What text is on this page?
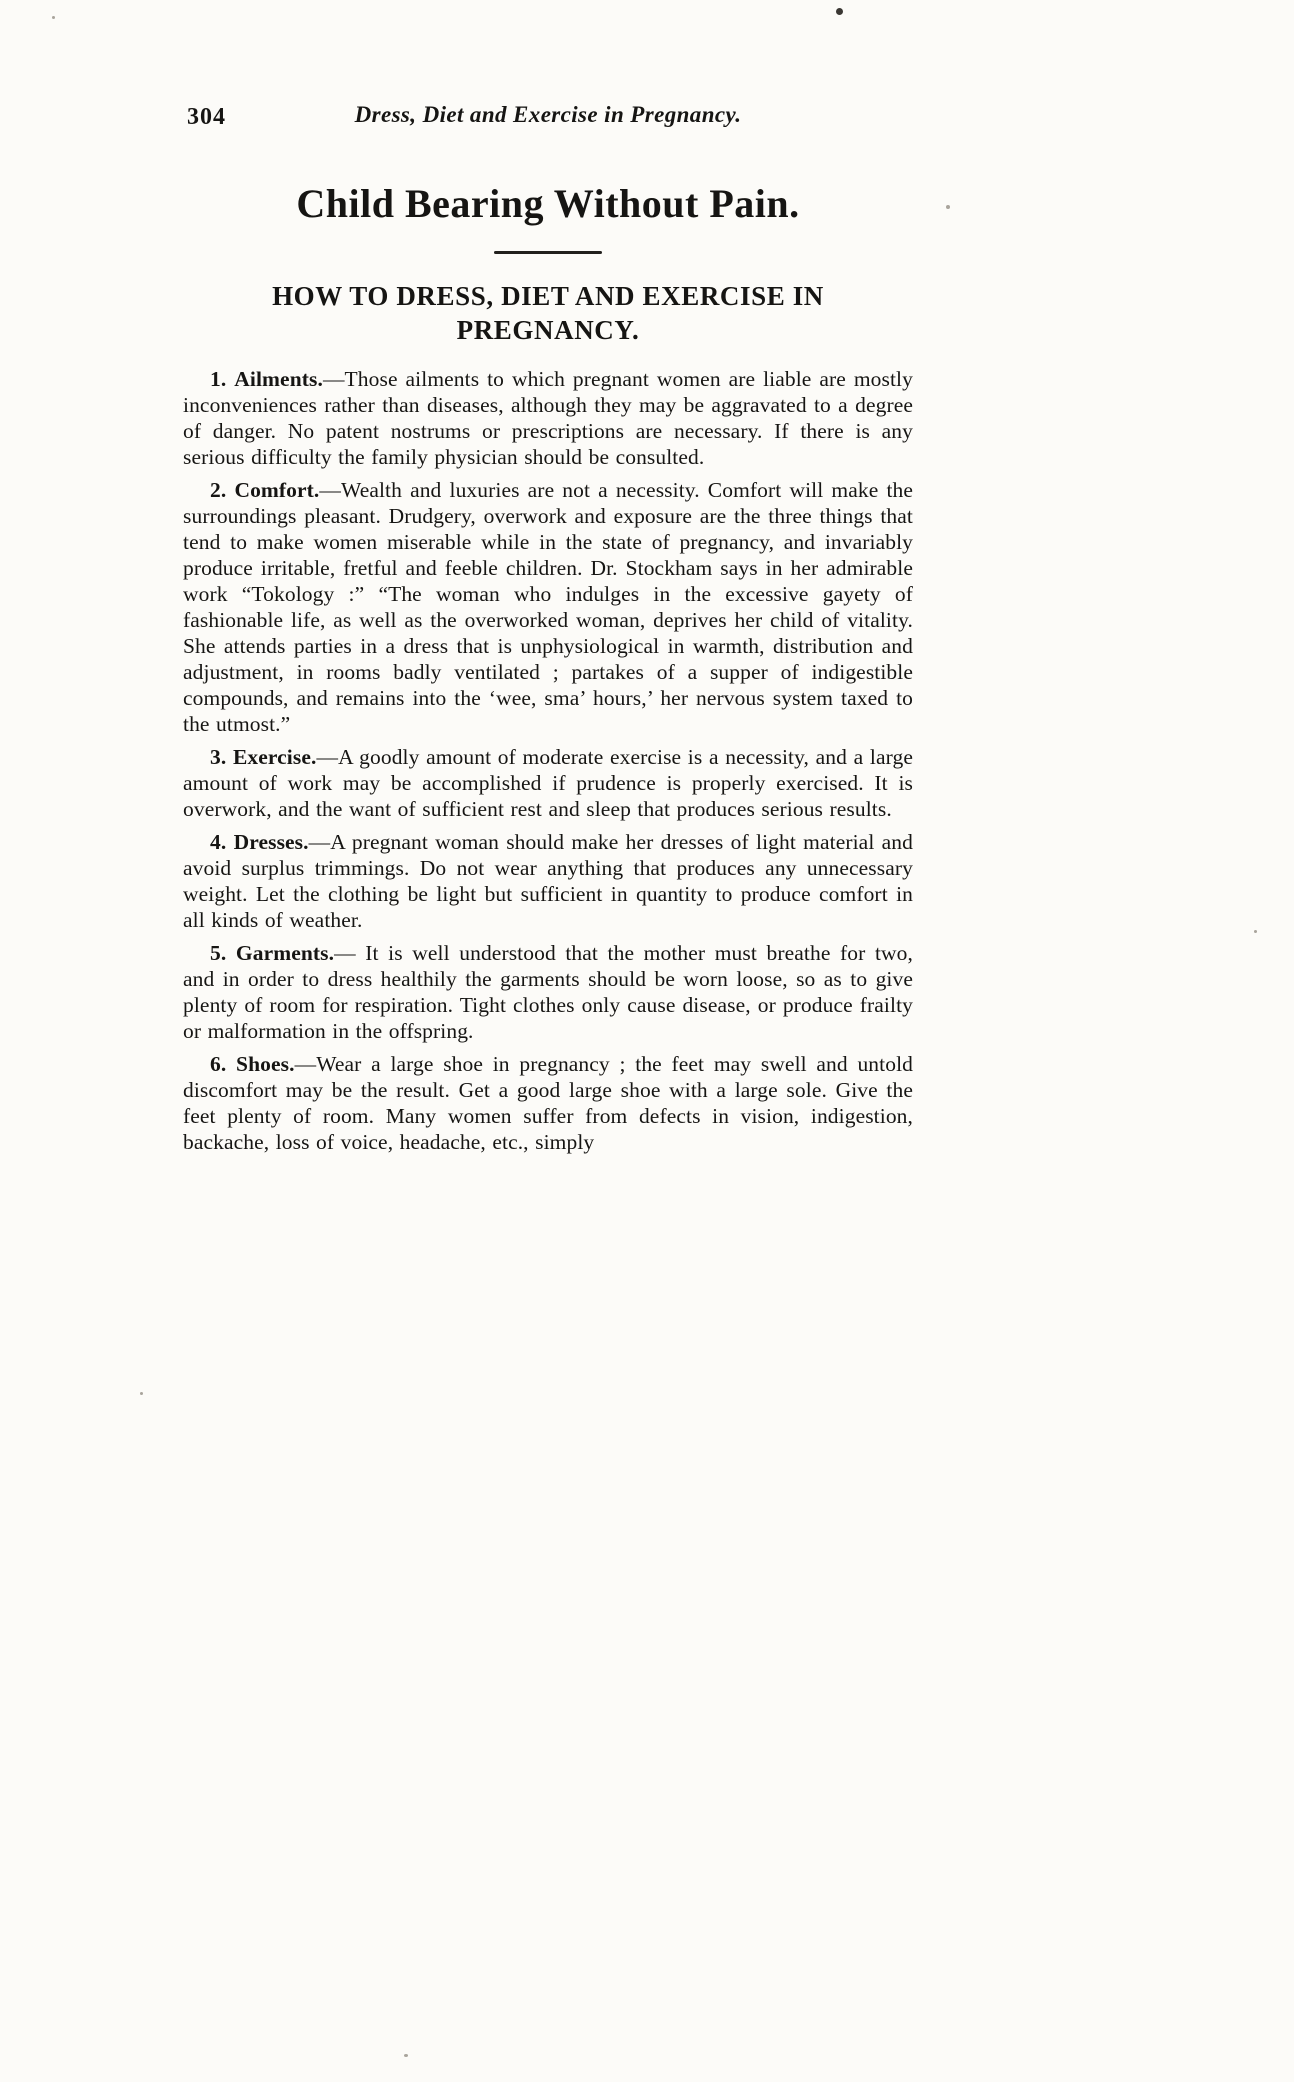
304	Dress, Diet and Exercise in Pregnancy.
Child Bearing Without Pain.
HOW TO DRESS, DIET AND EXERCISE IN
PREGNANCY.

1. Ailments.—Those ailments to which pregnant women are liable are mostly inconveniences rather than diseases, although they may be aggravated to a degree of danger. No patent nostrums or prescriptions are necessary. If there is any serious difficulty the family physician should be consulted.

2. Comfort.—Wealth and luxuries are not a necessity. Comfort will make the surroundings pleasant. Drudgery, overwork and exposure are the three things that tend to make women miserable while in the state of pregnancy, and invariably produce irritable, fretful and feeble children. Dr. Stockham says in her admirable work “Tokology :” “The woman who indulges in the excessive gayety of fashionable life, as well as the overworked woman, deprives her child of vitality. She attends parties in a dress that is unphysiological in warmth, distribution and adjustment, in rooms badly ventilated ; partakes of a supper of indigestible compounds, and remains into the ‘wee, sma’ hours,’ her nervous system taxed to the utmost.”

3. Exercise.—A goodly amount of moderate exercise is a necessity, and a large amount of work may be accomplished if prudence is properly exercised. It is overwork, and the want of sufficient rest and sleep that produces serious results.

4. Dresses.—A pregnant woman should make her dresses of light material and avoid surplus trimmings. Do not wear anything that produces any unnecessary weight. Let the clothing be light but sufficient in quantity to produce comfort in all kinds of weather.

5. Garments.— It is well understood that the mother must breathe for two, and in order to dress healthily the garments should be worn loose, so as to give plenty of room for respiration. Tight clothes only cause disease, or produce frailty or malformation in the offspring.

6. Shoes.—Wear a large shoe in pregnancy ; the feet may swell and untold discomfort may be the result. Get a good large shoe with a large sole. Give the feet plenty of room. Many women suffer from defects in vision, indigestion, backache, loss of voice, headache, etc., simply
